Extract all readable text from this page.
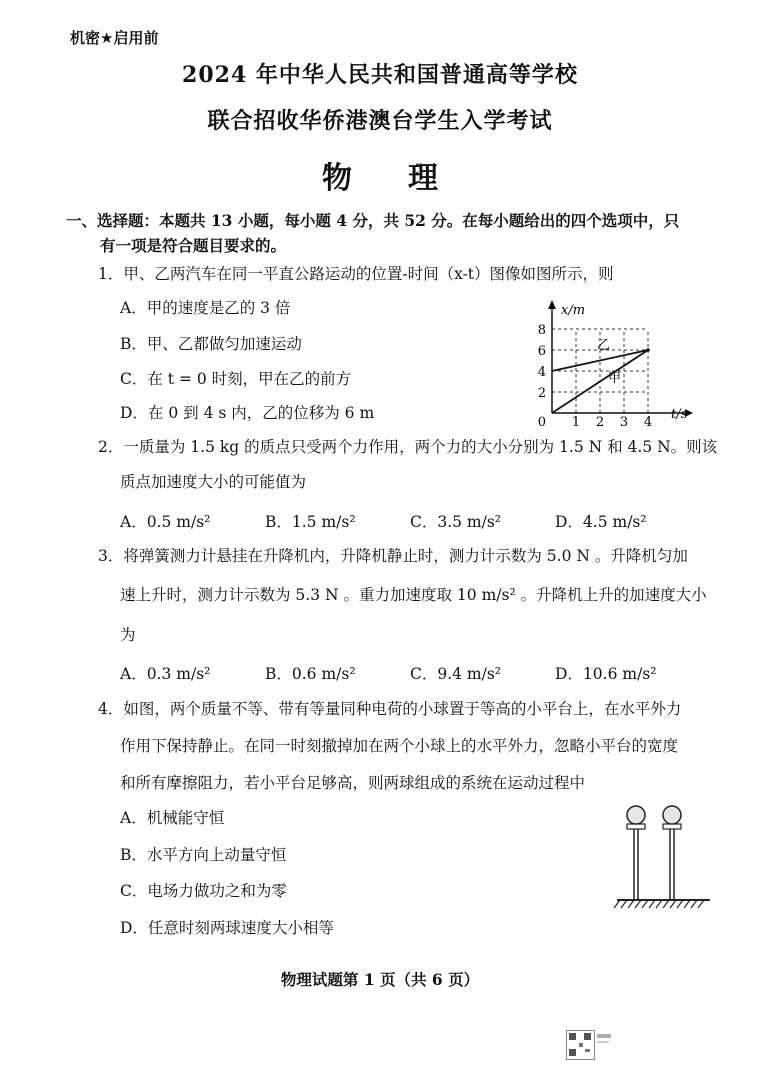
机密★启用前
2024 年中华人民共和国普通高等学校
联合招收华侨港澳台学生入学考试
物 理
一、选择题：本题共 13 小题，每小题 4 分，共 52 分。在每小题给出的四个选项中，只
有一项是符合题目要求的。
1．甲、乙两汽车在同一平直公路运动的位置-时间（x-t）图像如图所示，则
A．甲的速度是乙的 3 倍
B．甲、乙都做匀加速运动
C．在 t = 0 时刻，甲在乙的前方
D．在 0 到 4 s 内，乙的位移为 6 m
x/m
t/s
8
6
4
2
0 1 2 3 4
乙
甲
2．一质量为 1.5 kg 的质点只受两个力作用，两个力的大小分别为 1.5 N 和 4.5 N。则该
质点加速度大小的可能值为
A．0.5 m/s²	B．1.5 m/s²	C．3.5 m/s²	D．4.5 m/s²
3．将弹簧测力计悬挂在升降机内，升降机静止时，测力计示数为 5.0 N 。升降机匀加
速上升时，测力计示数为 5.3 N 。重力加速度取 10 m/s² 。升降机上升的加速度大小
为
A．0.3 m/s²	B．0.6 m/s²	C．9.4 m/s²	D．10.6 m/s²
4．如图，两个质量不等、带有等量同种电荷的小球置于等高的小平台上，在水平外力
作用下保持静止。在同一时刻撤掉加在两个小球上的水平外力，忽略小平台的宽度
和所有摩擦阻力，若小平台足够高，则两球组成的系统在运动过程中
A．机械能守恒
B．水平方向上动量守恒
C．电场力做功之和为零
D．任意时刻两球速度大小相等
物理试题第 1 页（共 6 页）
